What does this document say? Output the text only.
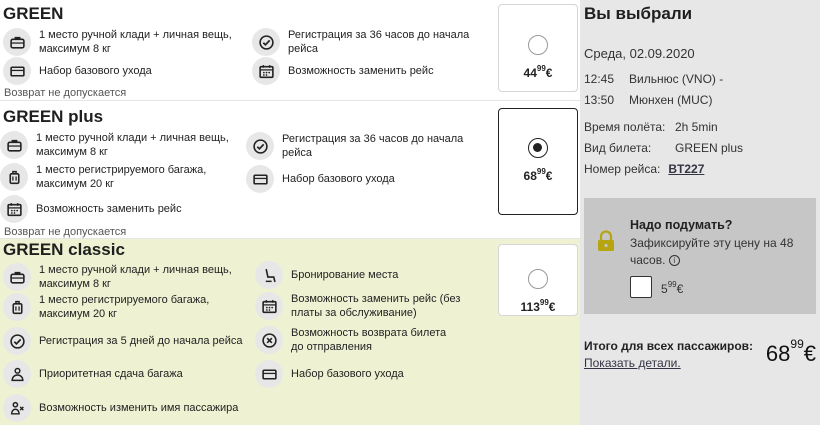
GREEN
1 место ручной клади + личная вещь, максимум 8 кг
Регистрация за 36 часов до начала рейса
Набор базового ухода	Возможность заменить рейс
Возврат не допускается
$44^{99}€$
GREEN plus
1 место ручной клади + личная вещь, максимум 8 кг
1 место регистрируемого багажа, максимум 20 кг
Возможность заменить рейс
Регистрация за 36 часов до начала рейса
Набор базового ухода
Возврат не допускается
$68^{99}€$
GREEN classic
1 место ручной клади + личная вещь, максимум 8 кг
1 место регистрируемого багажа, максимум 20 кг
Регистрация за 5 дней до начала рейса
Приоритетная сдача багажа
Возможность изменить имя пассажира
Бронирование места
Возможность заменить рейс (без платы за обслуживание)
Возможность возврата билета до отправления
Набор базового ухода
$113^{99}€$
Вы выбрали
Среда, 02.09.2020
12:45 Вильнюс (VNO) -
13:50 Мюнхен (MUC)
Время полёта: 2h 5min
Вид билета: GREEN plus
Номер рейса: BT227
Надо подумать?
Зафиксируйте эту цену на 48 часов. i
$5^{99}€$
Итого для всех пассажиров: $68^{99}€$
Показать детали.
